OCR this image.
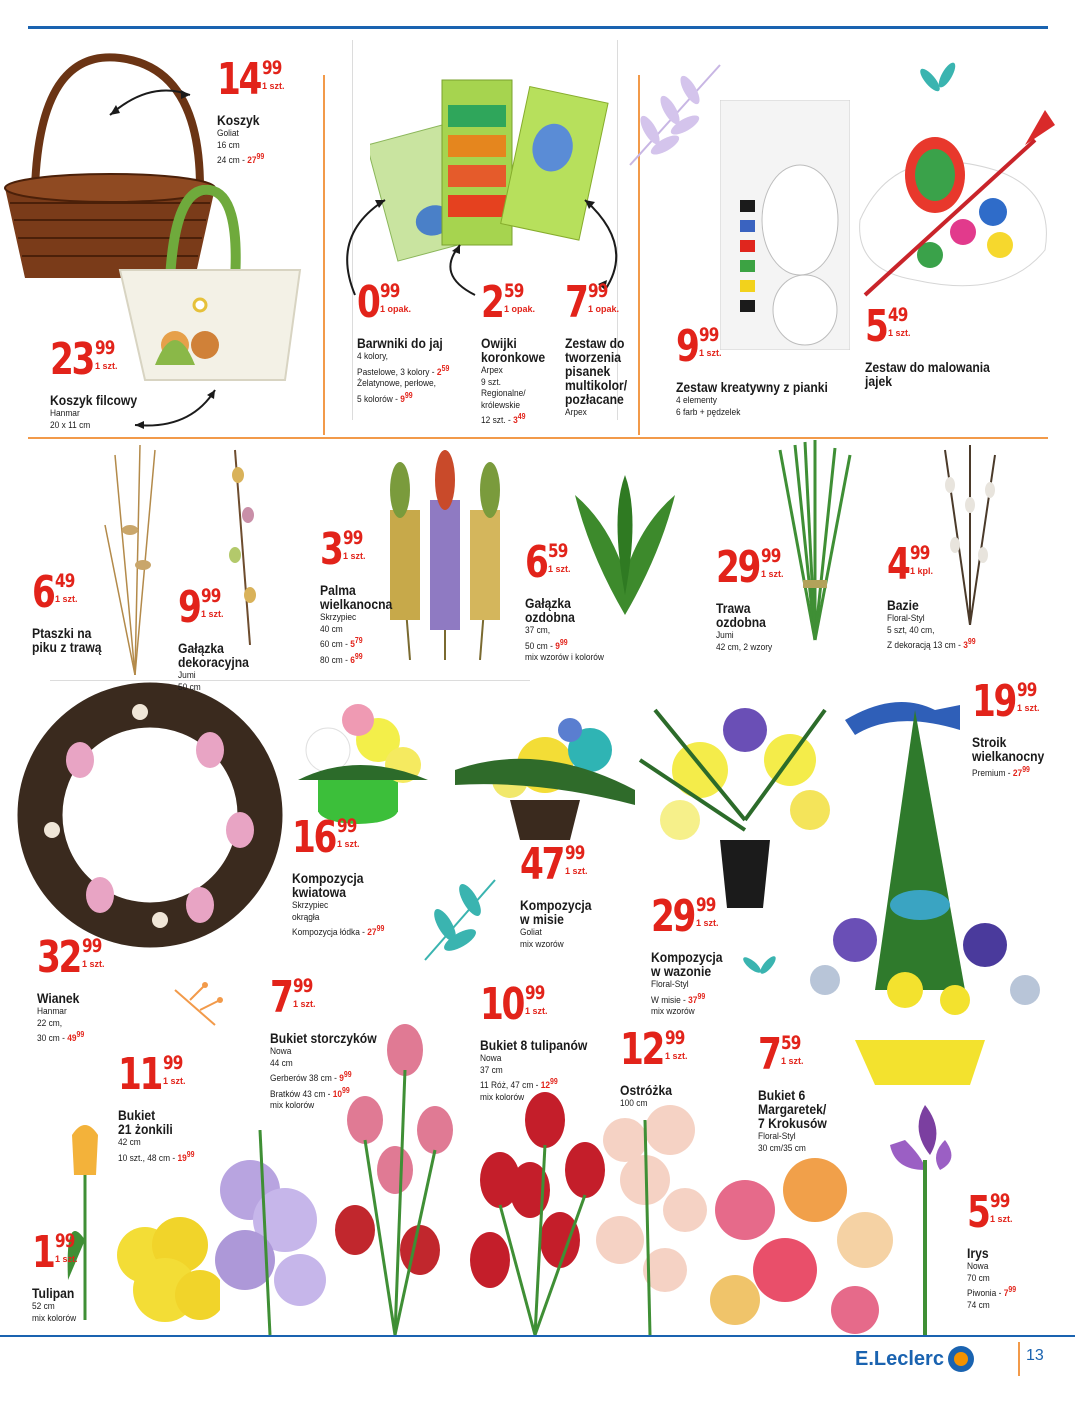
14 99
1 szt.
Koszyk
Goliat
16 cm
24 cm - $27^{99}$
23 99
1 szt.
Koszyk filcowy
Hanmar
20 x 11 cm
0 99
1 opak.
Barwniki do jaj
4 kolory,
Pastelowe, 3 kolory - $2^{59}$
Żelatynowe, perłowe,
5 kolorów - $9^{99}$
2 59
1 opak.
Owijki
koronkowe
Arpex
9 szt.
Regionalne/
królewskie
12 szt. - $3^{49}$
7 99
1 opak.
Zestaw do
tworzenia
pisanek
multikolor/
pozłacane
Arpex
9 99
1 szt.
Zestaw kreatywny z pianki
4 elementy
6 farb + pędzelek
5 49
1 szt.
Zestaw do malowania
jajek
6 49
1 szt.
Ptaszki na
piku z trawą
9 99
1 szt.
Gałązka
dekoracyjna
Jumi
50 cm
3 99
1 szt.
Palma
wielkanocna
Skrzypiec
40 cm
60 cm - $5^{79}$
80 cm - $6^{99}$
6 59
1 szt.
Gałązka
ozdobna
37 cm,
50 cm - $9^{99}$
mix wzorów i kolorów
29 99
1 szt.
Trawa
ozdobna
Jumi
42 cm, 2 wzory
4 99
1 kpl.
Bazie
Floral-Styl
5 szt, 40 cm,
Z dekoracją 13 cm - $3^{99}$
19 99
1 szt.
Stroik
wielkanocny
Premium - $27^{99}$
32 99
1 szt.
Wianek
Hanmar
22 cm,
30 cm - $49^{99}$
16 99
1 szt.
Kompozycja
kwiatowa
Skrzypiec
okrągła
Kompozycja łódka - $27^{99}$
47 99
1 szt.
Kompozycja
w misie
Goliat
mix wzorów
29 99
1 szt.
Kompozycja
w wazonie
Floral-Styl
W misie - $37^{99}$
mix wzorów
7 99
1 szt.
Bukiet storczyków
Nowa
44 cm
Gerberów 38 cm - $9^{99}$
Bratków 43 cm - $10^{99}$
mix kolorów
10 99
1 szt.
Bukiet 8 tulipanów
Nowa
37 cm
11 Róż, 47 cm - $12^{99}$
mix kolorów
11 99
1 szt.
Bukiet
21 żonkili
42 cm
10 szt., 48 cm - $19^{99}$
12 99
1 szt.
Ostróżka
100 cm
7 59
1 szt.
Bukiet 6
Margaretek/
7 Krokusów
Floral-Styl
30 cm/35 cm
1 99
1 szt.
Tulipan
52 cm
mix kolorów
5 99
1 szt.
Irys
Nowa
70 cm
Piwonia - $7^{99}$
74 cm
E.Leclerc	13
